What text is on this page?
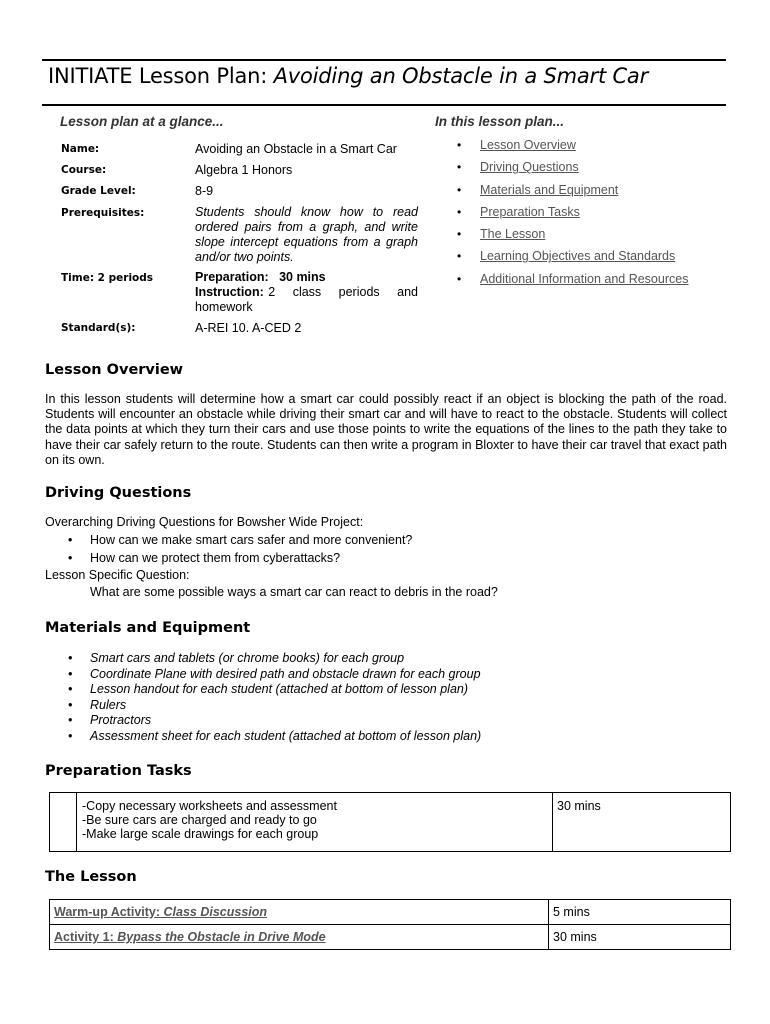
INITIATE Lesson Plan: Avoiding an Obstacle in a Smart Car
Lesson plan at a glance...
Name:	Avoiding an Obstacle in a Smart Car
Course:	Algebra 1 Honors
Grade Level:	8-9
Prerequisites:	Students should know how to read ordered pairs from a graph, and write slope intercept equations from a graph and/or two points.
Time: 2 periods	Preparation: 30 mins
Instruction: 2 class periods and homework
Standard(s):	A-REI 10. A-CED 2
In this lesson plan...
• Lesson Overview
• Driving Questions
• Materials and Equipment
• Preparation Tasks
• The Lesson
• Learning Objectives and Standards
• Additional Information and Resources
Lesson Overview
In this lesson students will determine how a smart car could possibly react if an object is blocking the path of the road. Students will encounter an obstacle while driving their smart car and will have to react to the obstacle. Students will collect the data points at which they turn their cars and use those points to write the equations of the lines to the path they take to have their car safely return to the route. Students can then write a program in Bloxter to have their car travel that exact path on its own.
Driving Questions
Overarching Driving Questions for Bowsher Wide Project:
• How can we make smart cars safer and more convenient?
• How can we protect them from cyberattacks?
Lesson Specific Question:
What are some possible ways a smart car can react to debris in the road?
Materials and Equipment
• Smart cars and tablets (or chrome books) for each group
• Coordinate Plane with desired path and obstacle drawn for each group
• Lesson handout for each student (attached at bottom of lesson plan)
• Rulers
• Protractors
• Assessment sheet for each student (attached at bottom of lesson plan)
Preparation Tasks

-Copy necessary worksheets and assessment
-Be sure cars are charged and ready to go
-Make large scale drawings for each group
	30 mins
The Lesson
Warm-up Activity: Class Discussion	5 mins
Activity 1: Bypass the Obstacle in Drive Mode	30 mins
